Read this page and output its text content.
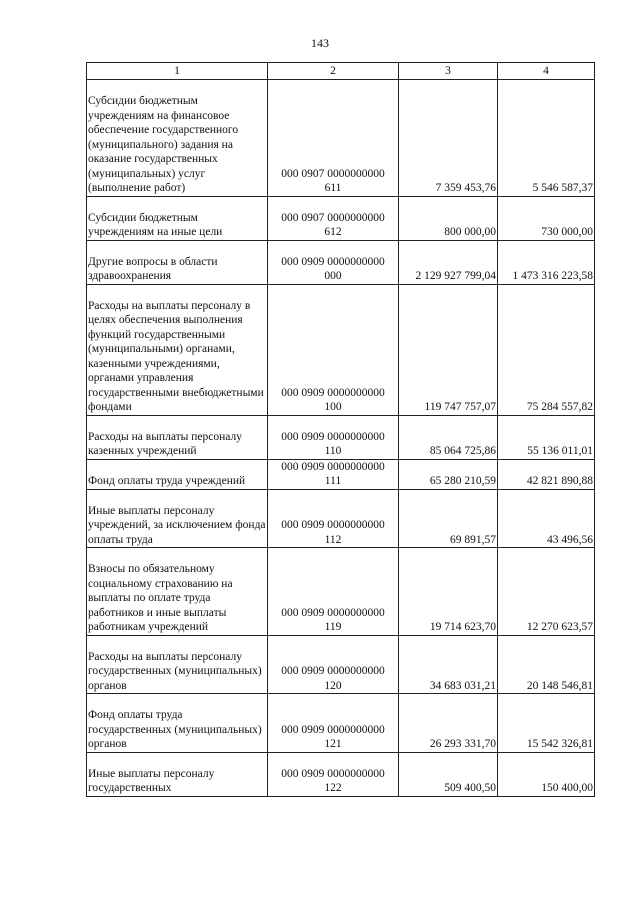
143
1	2	3	4

Субсидии бюджетным учреждениям на финансовое обеспечение государственного (муниципального) задания на оказание государственных (муниципальных) услуг (выполнение работ)	000 0907 0000000000
611	7 359 453,76	5 546 587,37

Субсидии бюджетным учреждениям на иные цели	000 0907 0000000000
612	800 000,00	730 000,00

Другие вопросы в области здравоохранения	000 0909 0000000000
000	2 129 927 799,04	1 473 316 223,58

Расходы на выплаты персоналу в целях обеспечения выполнения функций государственными (муниципальными) органами, казенными учреждениями, органами управления государственными внебюджетными фондами	000 0909 0000000000
100	119 747 757,07	75 284 557,82

Расходы на выплаты персоналу казенных учреждений	000 0909 0000000000
110	85 064 725,86	55 136 011,01

Фонд оплаты труда учреждений	000 0909 0000000000
111	65 280 210,59	42 821 890,88

Иные выплаты персоналу учреждений, за исключением фонда оплаты труда	000 0909 0000000000
112	69 891,57	43 496,56

Взносы по обязательному социальному страхованию на выплаты по оплате труда работников и иные выплаты работникам учреждений	000 0909 0000000000
119	19 714 623,70	12 270 623,57

Расходы на выплаты персоналу государственных (муниципальных) органов	000 0909 0000000000
120	34 683 031,21	20 148 546,81

Фонд оплаты труда государственных (муниципальных) органов	000 0909 0000000000
121	26 293 331,70	15 542 326,81

Иные выплаты персоналу государственных	000 0909 0000000000
122	509 400,50	150 400,00
